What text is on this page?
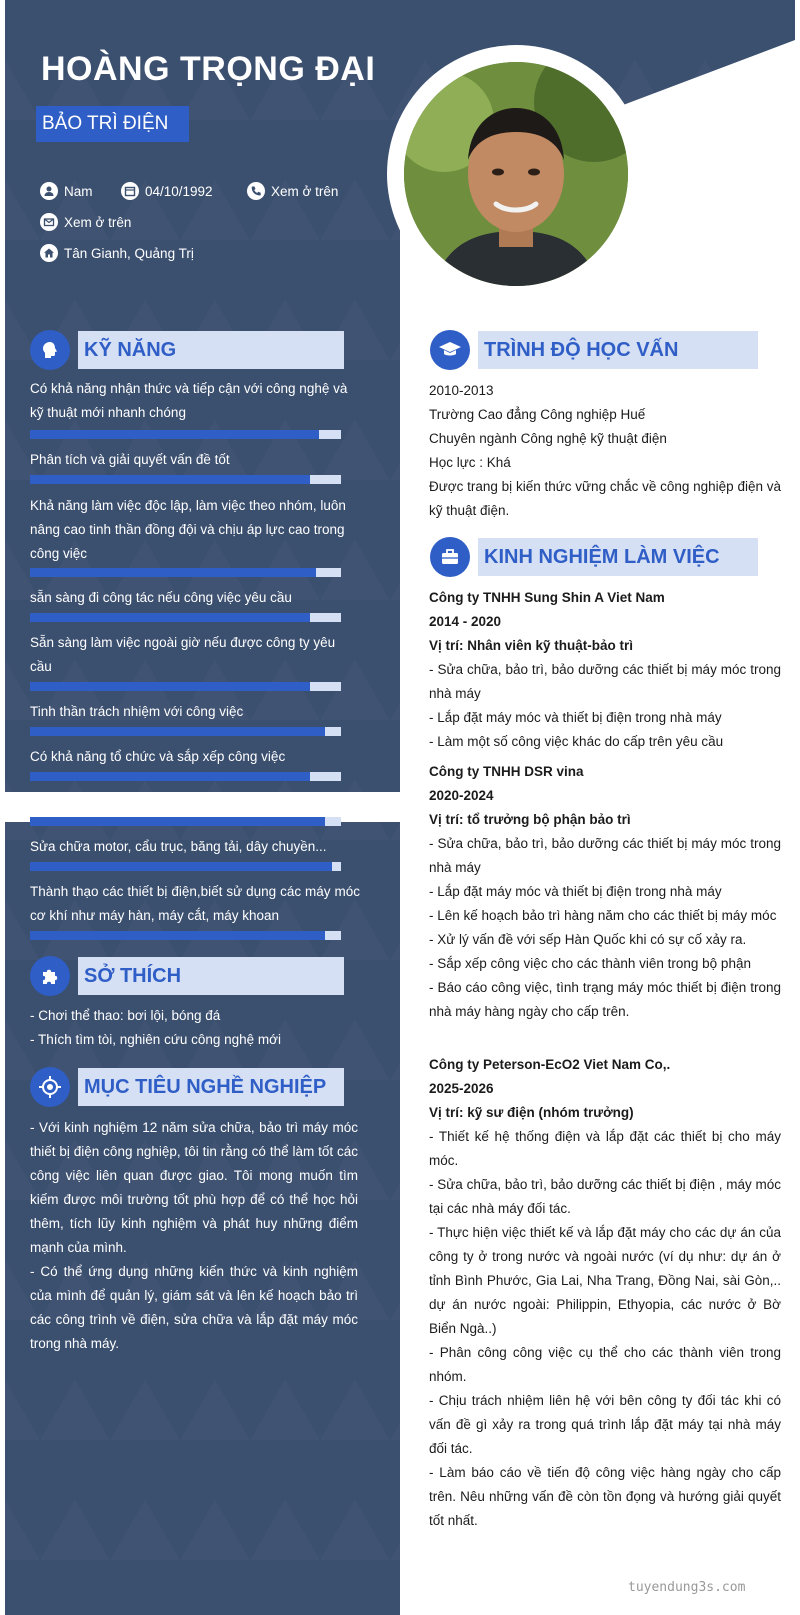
HOÀNG TRỌNG ĐẠI
BẢO TRÌ ĐIỆN
Nam	04/10/1992	Xem ở trên
Xem ở trên
Tân Gianh, Quảng Trị
KỸ NĂNG
Có khả năng nhận thức và tiếp cận với công nghệ và kỹ thuật mới nhanh chóng
Phân tích và giải quyết vấn đề tốt
Khả năng làm việc độc lập, làm việc theo nhóm, luôn nâng cao tinh thần đồng đội và chịu áp lực cao trong công việc
sẵn sàng đi công tác nếu công việc yêu cầu
Sẵn sàng làm việc ngoài giờ nếu được công ty yêu cầu
Tinh thần trách nhiệm với công việc
Có khả năng tổ chức và sắp xếp công việc
Sửa chữa motor, cẩu trục, băng tải, dây chuyền...
Thành thạo các thiết bị điện,biết sử dụng các máy móc cơ khí như máy hàn, máy cắt, máy khoan
SỞ THÍCH
- Chơi thể thao: bơi lội, bóng đá
- Thích tìm tòi, nghiên cứu công nghệ mới
MỤC TIÊU NGHỀ NGHIỆP
- Với kinh nghiệm 12 năm sửa chữa, bảo trì máy móc thiết bị điện công nghiệp, tôi tin rằng có thể làm tốt các công việc liên quan được giao. Tôi mong muốn tìm kiếm được môi trường tốt phù hợp để có thể học hỏi thêm, tích lũy kinh nghiệm và phát huy những điểm mạnh của mình.
- Có thể ứng dụng những kiến thức và kinh nghiệm của mình để quản lý, giám sát và lên kế hoạch bảo trì các công trình về điện, sửa chữa và lắp đặt máy móc trong nhà máy.
TRÌNH ĐỘ HỌC VẤN
2010-2013
Trường Cao đẳng Công nghiệp Huế
Chuyên ngành Công nghệ kỹ thuật điện
Học lực : Khá
Được trang bị kiến thức vững chắc về công nghiệp điện và kỹ thuật điện.
KINH NGHIỆM LÀM VIỆC
Công ty TNHH Sung Shin A Viet Nam
2014 - 2020
Vị trí: Nhân viên kỹ thuật-bảo trì
- Sửa chữa, bảo trì, bảo dưỡng các thiết bị máy móc trong nhà máy
- Lắp đặt máy móc và thiết bị điện trong nhà máy
- Làm một số công việc khác do cấp trên yêu cầu
Công ty TNHH DSR vina
2020-2024
Vị trí: tổ trưởng bộ phận bảo trì
- Sửa chữa, bảo trì, bảo dưỡng các thiết bị máy móc trong nhà máy
- Lắp đặt máy móc và thiết bị điện trong nhà máy
- Lên kế hoạch bảo trì hàng năm cho các thiết bị máy móc
- Xử lý vấn đề với sếp Hàn Quốc khi có sự cố xảy ra.
- Sắp xếp công việc cho các thành viên trong bộ phận
- Báo cáo công việc, tình trạng máy móc thiết bị điện trong nhà máy hàng ngày cho cấp trên.
Công ty Peterson-EcO2 Viet Nam Co,.
2025-2026
Vị trí: kỹ sư điện (nhóm trưởng)
- Thiết kế hệ thống điện và lắp đặt các thiết bị cho máy móc.
- Sửa chữa, bảo trì, bảo dưỡng các thiết bị điện , máy móc tại các nhà máy đối tác.
- Thực hiện việc thiết kế và lắp đặt máy cho các dự án của công ty ở trong nước và ngoài nước (ví dụ như: dự án ở tỉnh Bình Phước, Gia Lai, Nha Trang, Đồng Nai, sài Gòn,.. dự án nước ngoài: Philippin, Ethyopia, các nước ở Bờ Biển Ngà..)
- Phân công công việc cụ thể cho các thành viên trong nhóm.
- Chịu trách nhiệm liên hệ với bên công ty đối tác khi có vấn đề gì xảy ra trong quá trình lắp đặt máy tại nhà máy đối tác.
- Làm báo cáo về tiến độ công việc hàng ngày cho cấp trên. Nêu những vấn đề còn tồn đọng và hướng giải quyết tốt nhất.
tuyendung3s.com
